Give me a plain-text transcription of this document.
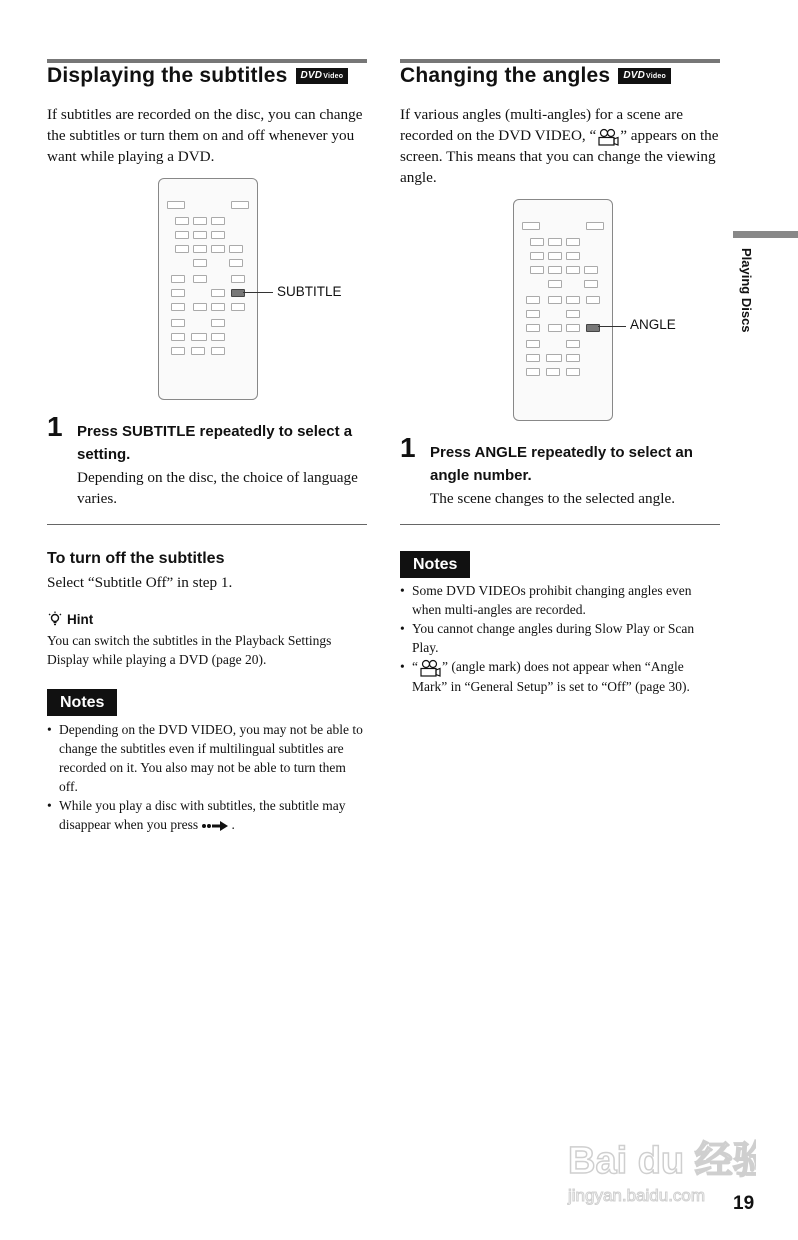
Displaying the subtitles	DVDVideo
If subtitles are recorded on the disc, you can change the subtitles or turn them on and off whenever you want while playing a DVD.
SUBTITLE
1 Press SUBTITLE repeatedly to select a setting.
Depending on the disc, the choice of language varies.
To turn off the subtitles
Select “Subtitle Off” in step 1.
Hint
You can switch the subtitles in the Playback Settings Display while playing a DVD (page 20).
Notes
• Depending on the DVD VIDEO, you may not be able to change the subtitles even if multilingual subtitles are recorded on it. You also may not be able to turn them off.
• While you play a disc with subtitles, the subtitle may disappear when you press .
Changing the angles	DVDVideo
If various angles (multi-angles) for a scene are recorded on the DVD VIDEO, “ ” appears on the screen. This means that you can change the viewing angle.
ANGLE
1 Press ANGLE repeatedly to select an angle number.
The scene changes to the selected angle.
Notes
• Some DVD VIDEOs prohibit changing angles even when multi-angles are recorded.
• You cannot change angles during Slow Play or Scan Play.
• “ ” (angle mark) does not appear when “Angle Mark” in “General Setup” is set to “Off” (page 30).
Playing Discs
Bai du 经验
jingyan.baidu.com 19
